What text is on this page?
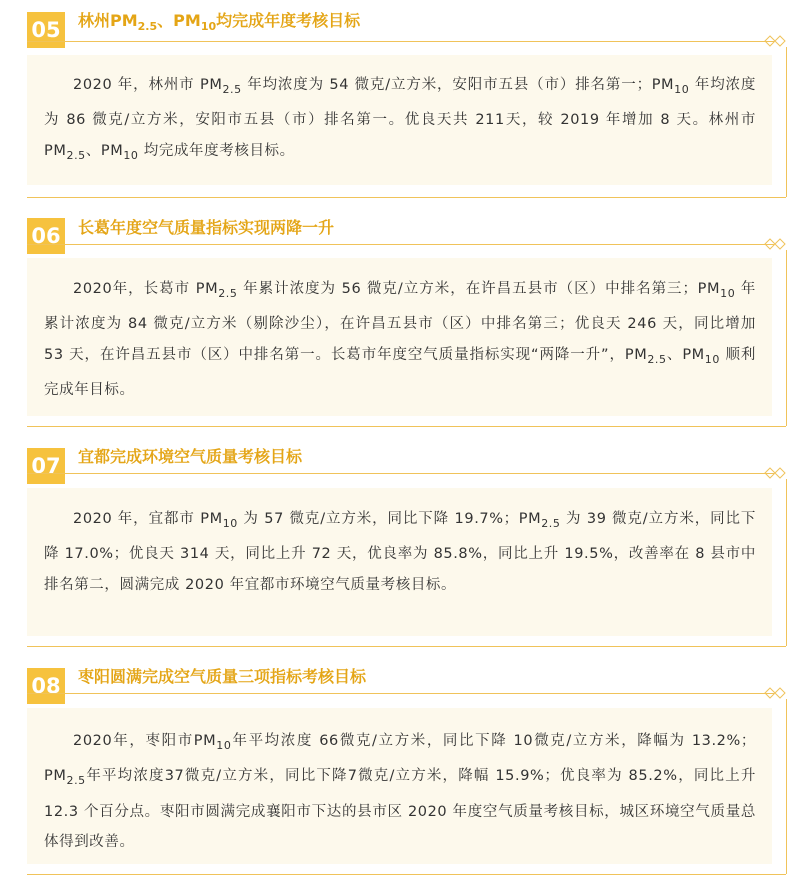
05 林州$PM_{2.5}$、$PM_{10}$均完成年度考核目标
2020 年，林州市 $PM_{2.5}$ 年均浓度为 54 微克/立方米，安阳市五县（市）排名第一；$PM_{10}$ 年均浓度为 86 微克/立方米，安阳市五县（市）排名第一。优良天共 211天，较 2019 年增加 8 天。林州市 $PM_{2.5}$、$PM_{10}$ 均完成年度考核目标。
06 长葛年度空气质量指标实现两降一升
2020年，长葛市 $PM_{2.5}$ 年累计浓度为 56 微克/立方米，在许昌五县市（区）中排名第三；$PM_{10}$ 年累计浓度为 84 微克/立方米（剔除沙尘），在许昌五县市（区）中排名第三；优良天 246 天，同比增加 53 天，在许昌五县市（区）中排名第一。长葛市年度空气质量指标实现“两降一升”，$PM_{2.5}$、$PM_{10}$ 顺利完成年目标。
07 宜都完成环境空气质量考核目标
2020 年，宜都市 $PM_{10}$ 为 57 微克/立方米，同比下降 19.7%；$PM_{2.5}$ 为 39 微克/立方米，同比下降 17.0%；优良天 314 天，同比上升 72 天，优良率为 85.8%，同比上升 19.5%，改善率在 8 县市中排名第二，圆满完成 2020 年宜都市环境空气质量考核目标。
08 枣阳圆满完成空气质量三项指标考核目标
2020年，枣阳市$PM_{10}$年平均浓度 66微克/立方米，同比下降 10微克/立方米，降幅为 13.2%； $PM_{2.5}$年平均浓度37微克/立方米，同比下降7微克/立方米，降幅 15.9%；优良率为 85.2%，同比上升 12.3 个百分点。枣阳市圆满完成襄阳市下达的县市区 2020 年度空气质量考核目标，城区环境空气质量总体得到改善。
